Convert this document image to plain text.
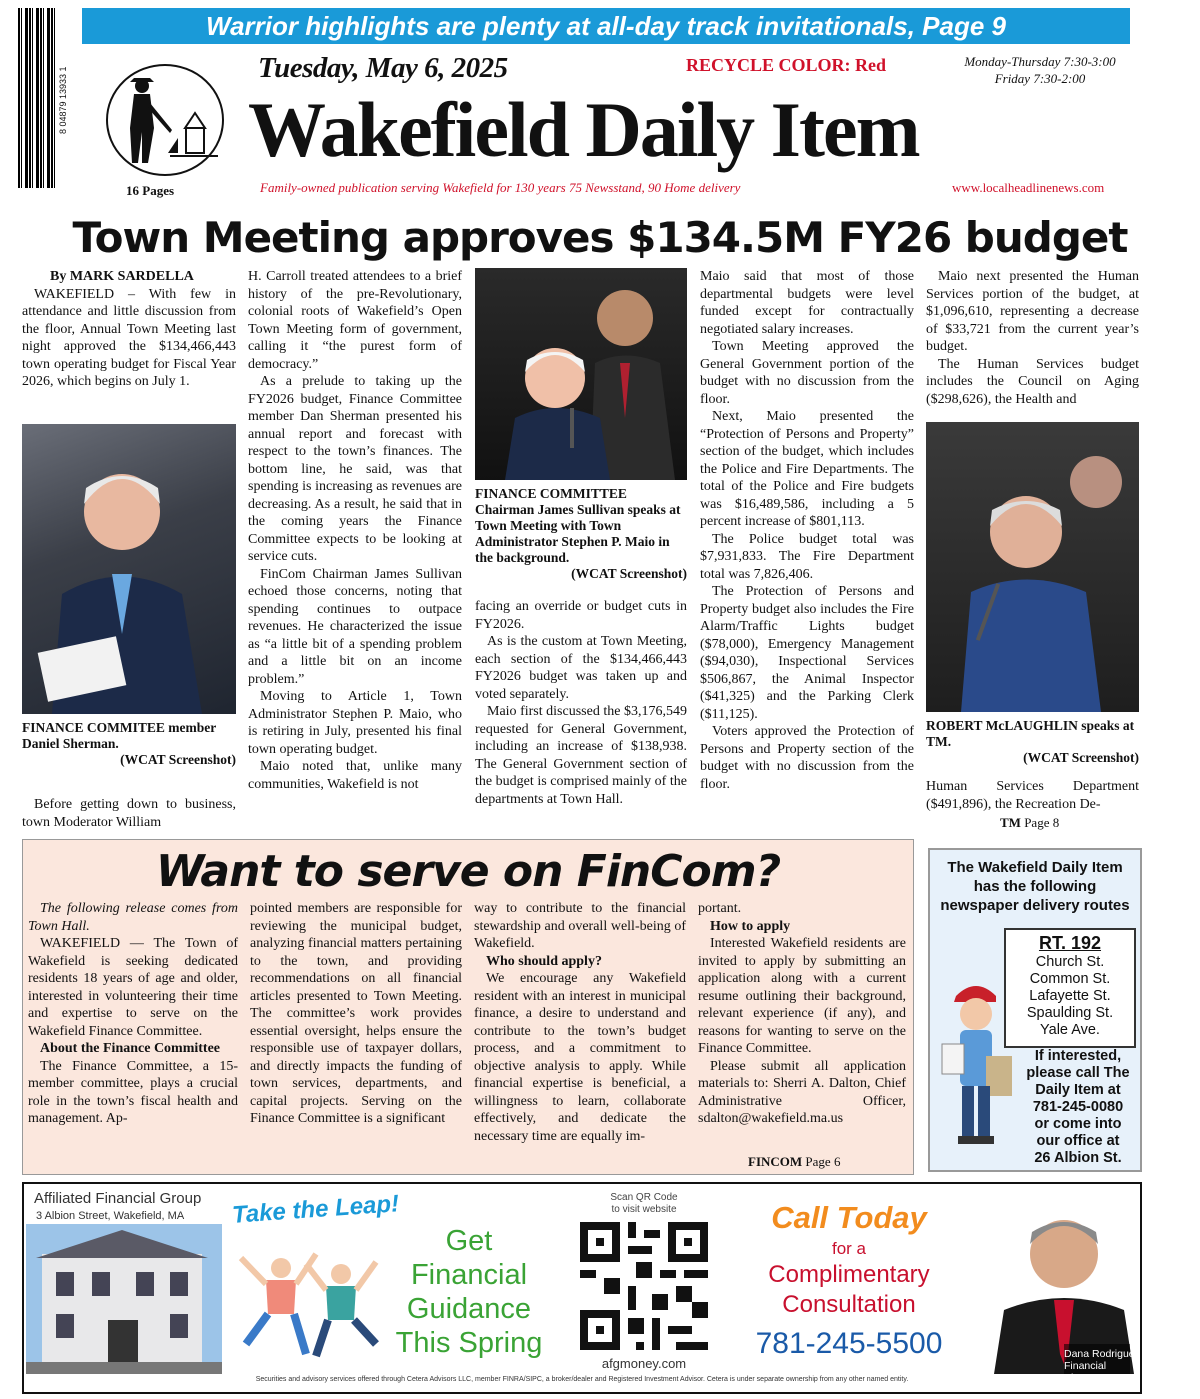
Warrior highlights are plenty at all-day track invitationals, Page 9
8 04879 13933 1
16 Pages
Tuesday, May 6, 2025	RECYCLE COLOR: Red	Monday-Thursday 7:30-3:00
Friday 7:30-2:00
Wakefield Daily Item
Family-owned publication serving Wakefield for 130 years 75 Newsstand, 90 Home delivery	www.localheadlinenews.com
Town Meeting approves $134.5M FY26 budget

By MARK SARDELLA

WAKEFIELD – With few in attendance and little discussion from the floor, Annual Town Meeting last night approved the $134,466,443 town operating budget for Fiscal Year 2026, which begins on July 1.

FINANCE COMMITEE member Daniel Sherman.
(WCAT Screenshot)

Before getting down to business, town Moderator William

H. Carroll treated attendees to a brief history of the pre-Revolutionary, colonial roots of Wakefield’s Open Town Meeting form of government, calling it “the purest form of democracy.”

As a prelude to taking up the FY2026 budget, Finance Committee member Dan Sherman presented his annual report and forecast with respect to the town’s finances. The bottom line, he said, was that spending is increasing as revenues are decreasing. As a result, he said that in the coming years the Finance Committee expects to be looking at service cuts.

FinCom Chairman James Sullivan echoed those concerns, noting that spending continues to outpace revenues. He characterized the issue as “a little bit of a spending problem and a little bit on an income problem.”

Moving to Article 1, Town Administrator Stephen P. Maio, who is retiring in July, presented his final town operating budget.

Maio noted that, unlike many communities, Wakefield is not

FINANCE COMMITTEE Chairman James Sullivan speaks at Town Meeting with Town Administrator Stephen P. Maio in the background.
(WCAT Screenshot)

facing an override or budget cuts in FY2026.

As is the custom at Town Meeting, each section of the $134,466,443 FY2026 budget was taken up and voted separately.

Maio first discussed the $3,176,549 requested for General Government, including an increase of $138,938. The General Government section of the budget is comprised mainly of the departments at Town Hall.

Maio said that most of those departmental budgets were level funded except for contractually negotiated salary increases.

Town Meeting approved the General Government portion of the budget with no discussion from the floor.

Next, Maio presented the “Protection of Persons and Property” section of the budget, which includes the Police and Fire Departments. The total of the Police and Fire budgets was $16,489,586, including a 5 percent increase of $801,113.

The Police budget total was $7,931,833. The Fire Department total was 7,826,406.

The Protection of Persons and Property budget also includes the Fire Alarm/Traffic Lights budget ($78,000), Emergency Management ($94,030), Inspectional Services $506,867, the Animal Inspector ($41,325) and the Parking Clerk ($11,125).

Voters approved the Protection of Persons and Property section of the budget with no discussion from the floor.

Maio next presented the Human Services portion of the budget, at $1,096,610, representing a decrease of $33,721 from the current year’s budget.

The Human Services budget includes the Council on Aging ($298,626), the Health and

ROBERT McLAUGHLIN speaks at TM.
(WCAT Screenshot)

Human Services Department ($491,896), the Recreation De-

TM Page 8
Want to serve on FinCom?

The following release comes from Town Hall.

WAKEFIELD — The Town of Wakefield is seeking dedicated residents 18 years of age and older, interested in volunteering their time and expertise to serve on the Wakefield Finance Committee.

About the Finance Committee

The Finance Committee, a 15-member committee, plays a crucial role in the town’s fiscal health and management. Ap-

pointed members are responsible for reviewing the municipal budget, analyzing financial matters pertaining to the town, and providing recommendations on all financial articles presented to Town Meeting. The committee’s work provides essential oversight, helps ensure the responsible use of taxpayer dollars, and directly impacts the funding of town services, departments, and capital projects. Serving on the Finance Committee is a significant

way to contribute to the financial stewardship and overall well-being of Wakefield.

Who should apply?

We encourage any Wakefield resident with an interest in municipal finance, a desire to understand and contribute to the town’s budget process, and a commitment to objective analysis to apply. While financial expertise is beneficial, a willingness to learn, collaborate effectively, and dedicate the necessary time are equally im-

portant.

How to apply

Interested Wakefield residents are invited to apply by submitting an application along with a current resume outlining their background, relevant experience (if any), and reasons for wanting to serve on the Finance Committee.

Please submit all application materials to: Sherri A. Dalton, Chief Administrative Officer, sdalton@wakefield.ma.us

FINCOM Page 6
The Wakefield Daily Item
has the following
newspaper delivery routes
RT. 192
Church St.
Common St.
Lafayette St.
Spaulding St.
Yale Ave.
If interested,
please call The
Daily Item at
781-245-0080
or come into
our office at
26 Albion St.
Affiliated Financial Group
3 Albion Street, Wakefield, MA Take the Leap!
Get
Financial
Guidance
This Spring
Scan QR Code
to visit website
afgmoney.com
Call Today
for a
Complimentary
Consultation
781-245-5500	Dana Rodrigues
Financial Planner
Securities and advisory services offered through Cetera Advisors LLC, member FINRA/SIPC, a broker/dealer and Registered Investment Advisor. Cetera is under separate ownership from any other named entity.
